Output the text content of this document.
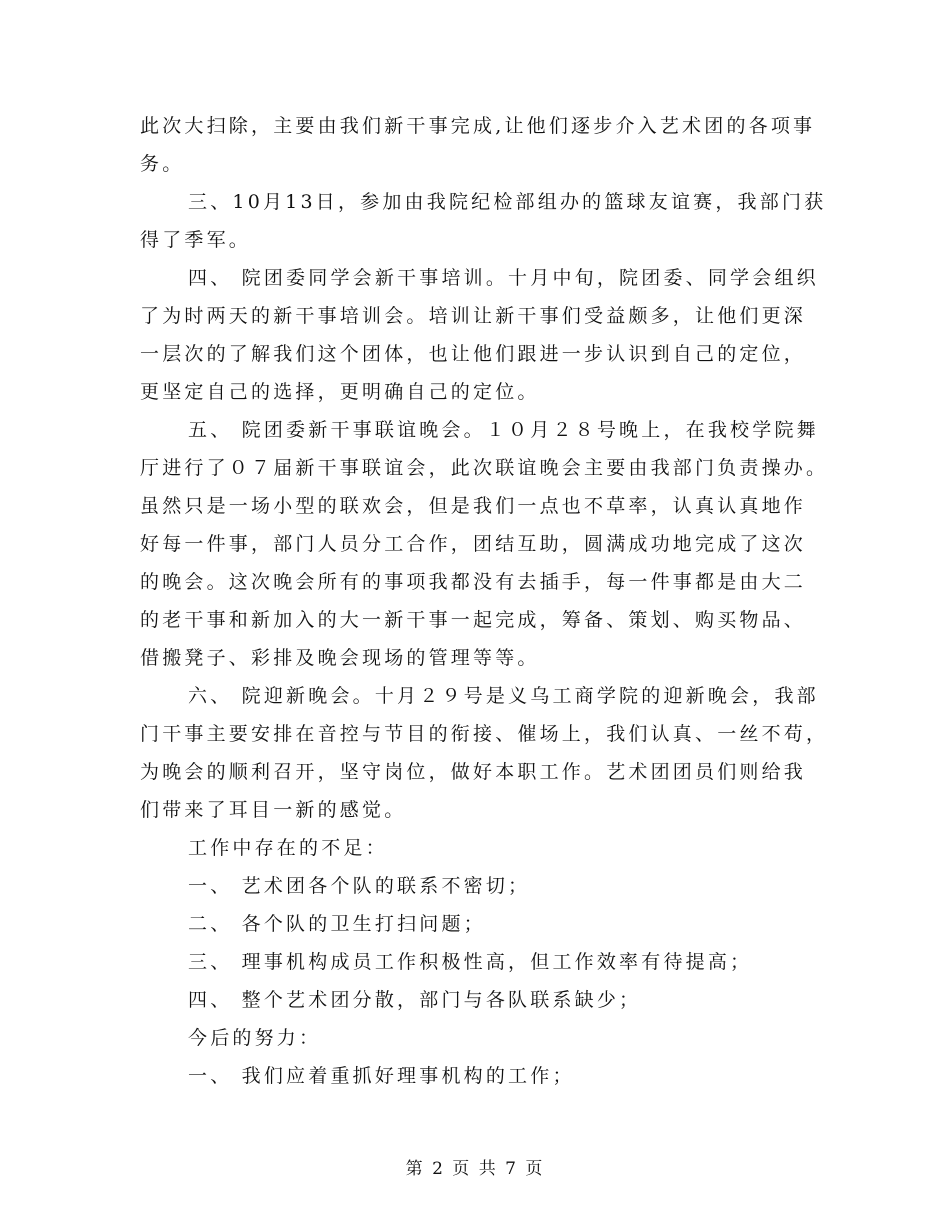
此次大扫除，主要由我们新干事完成,让他们逐步介入艺术团的各项事
务。
三、10月13日，参加由我院纪检部组办的篮球友谊赛，我部门获
得了季军。
四、 院团委同学会新干事培训。十月中旬，院团委、同学会组织
了为时两天的新干事培训会。培训让新干事们受益颇多，让他们更深
一层次的了解我们这个团体，也让他们跟进一步认识到自己的定位，
更坚定自己的选择，更明确自己的定位。
五、 院团委新干事联谊晚会。１０月２８号晚上，在我校学院舞
厅进行了０７届新干事联谊会，此次联谊晚会主要由我部门负责操办。
虽然只是一场小型的联欢会，但是我们一点也不草率，认真认真地作
好每一件事，部门人员分工合作，团结互助，圆满成功地完成了这次
的晚会。这次晚会所有的事项我都没有去插手，每一件事都是由大二
的老干事和新加入的大一新干事一起完成，筹备、策划、购买物品、
借搬凳子、彩排及晚会现场的管理等等。
六、 院迎新晚会。十月２９号是义乌工商学院的迎新晚会，我部
门干事主要安排在音控与节目的衔接、催场上，我们认真、一丝不苟，
为晚会的顺利召开，坚守岗位，做好本职工作。艺术团团员们则给我
们带来了耳目一新的感觉。
工作中存在的不足：
一、 艺术团各个队的联系不密切；
二、 各个队的卫生打扫问题；
三、 理事机构成员工作积极性高，但工作效率有待提高；
四、 整个艺术团分散，部门与各队联系缺少；
今后的努力：
一、 我们应着重抓好理事机构的工作；
第 2 页 共 7 页
